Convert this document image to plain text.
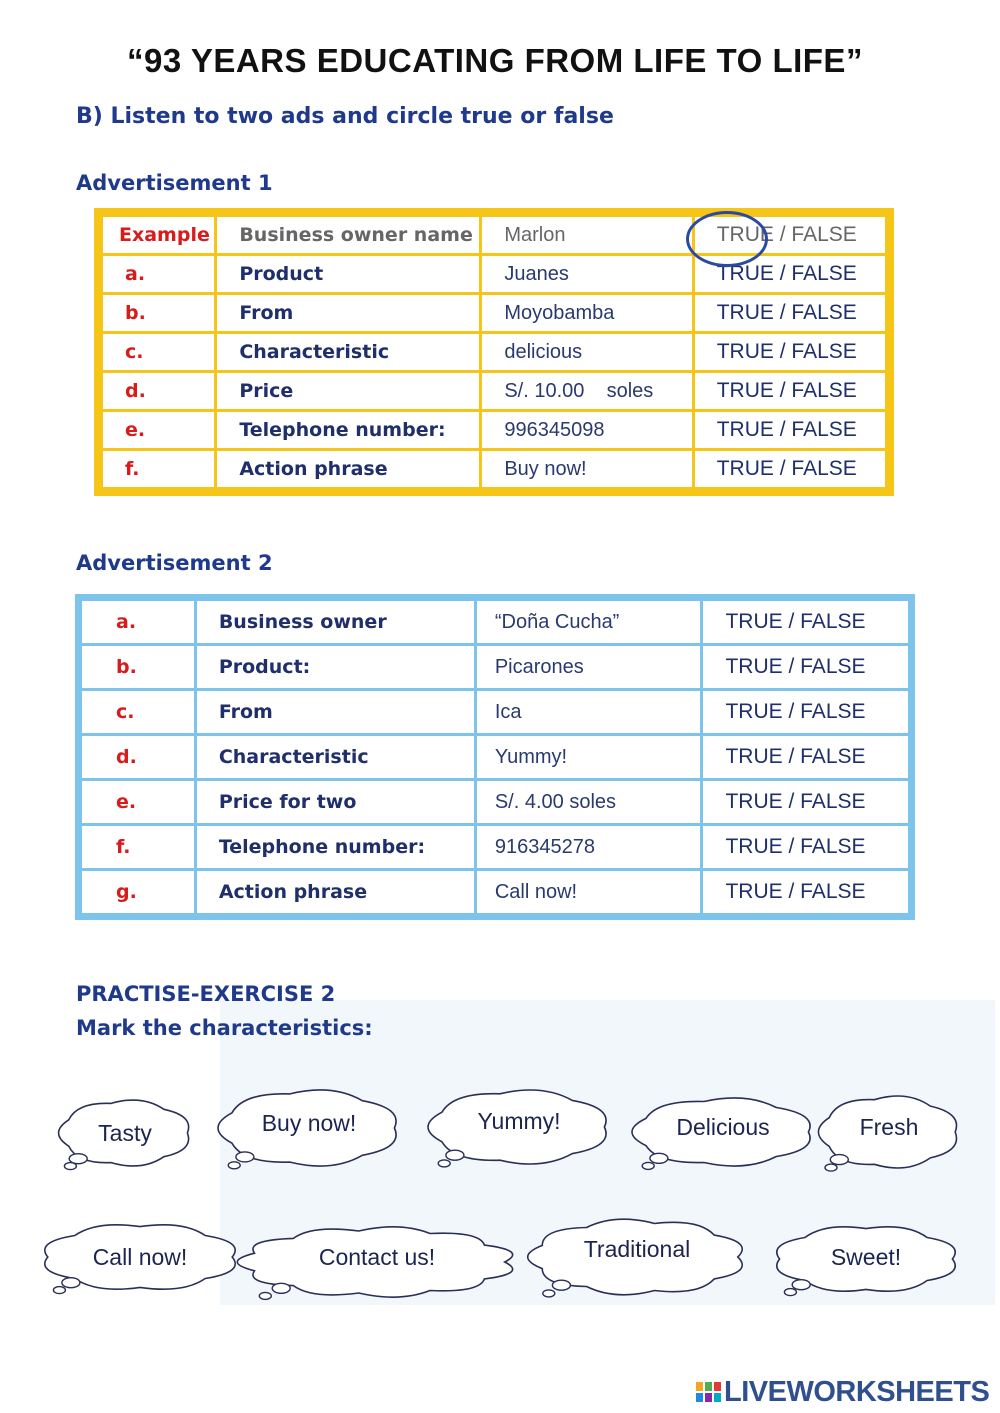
“93 YEARS EDUCATING FROM LIFE TO LIFE”
B) Listen to two ads and circle true or false
Advertisement 1
Example	Business owner name	Marlon	TRUE / FALSE
a.	Product	Juanes	TRUE / FALSE
b.	From	Moyobamba	TRUE / FALSE
c.	Characteristic	delicious	TRUE / FALSE
d.	Price	S/. 10.00    soles	TRUE / FALSE
e.	Telephone number:	996345098	TRUE / FALSE
f.	Action phrase	Buy now!	TRUE / FALSE
Advertisement 2
a.	Business owner	“Doña Cucha”	TRUE / FALSE
b.	Product:	Picarones	TRUE / FALSE
c.	From	Ica	TRUE / FALSE
d.	Characteristic	Yummy!	TRUE / FALSE
e.	Price for two	S/. 4.00 soles	TRUE / FALSE
f.	Telephone number:	916345278	TRUE / FALSE
g.	Action phrase	Call now!	TRUE / FALSE
PRACTISE-EXERCISE 2
Mark the characteristics:
Tasty	Buy now!	Yummy!	Delicious	Fresh
Call now!	Contact us!	Traditional	Sweet!
LIVEWORKSHEETS
